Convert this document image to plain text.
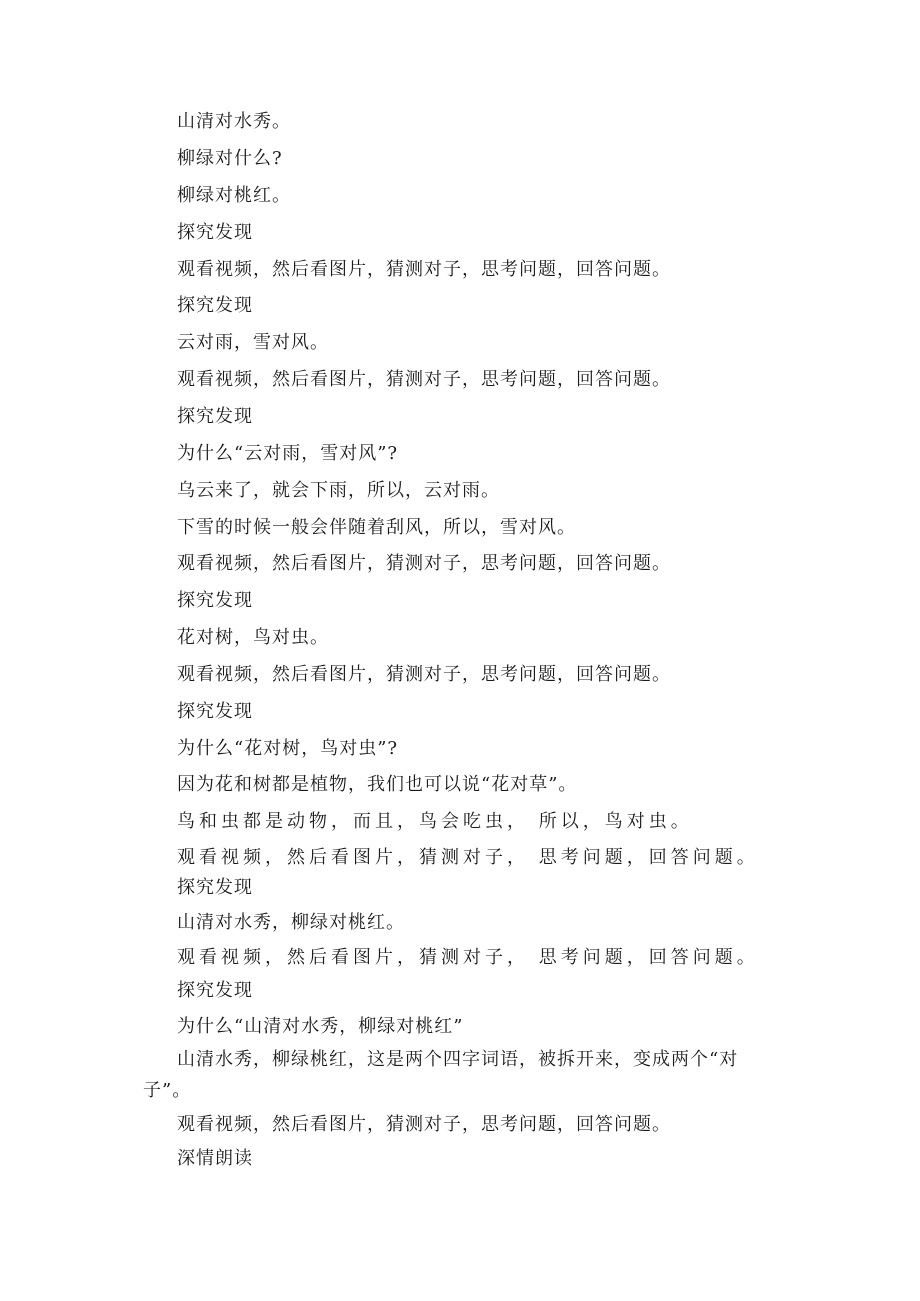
山清对水秀。

柳绿对什么?

柳绿对桃红。

探究发现

观看视频，然后看图片，猜测对子，思考问题，回答问题。

探究发现

云对雨，雪对风。

观看视频，然后看图片，猜测对子，思考问题，回答问题。

探究发现

为什么“云对雨，雪对风”?

乌云来了，就会下雨，所以，云对雨。

下雪的时候一般会伴随着刮风，所以，雪对风。

观看视频，然后看图片，猜测对子，思考问题，回答问题。

探究发现

花对树，鸟对虫。

观看视频，然后看图片，猜测对子，思考问题，回答问题。

探究发现

为什么“花对树，鸟对虫”?

因为花和树都是植物，我们也可以说“花对草”。

鸟和虫都是动物，而且，鸟会吃虫， 所以，鸟对虫。

观看视频，然后看图片，猜测对子， 思考问题，回答问题。

探究发现

山清对水秀，柳绿对桃红。

观看视频，然后看图片，猜测对子， 思考问题，回答问题。

探究发现

为什么“山清对水秀，柳绿对桃红”

山清水秀，柳绿桃红，这是两个四字词语，被拆开来，变成两个“对

子”。

观看视频，然后看图片，猜测对子，思考问题，回答问题。

深情朗读
